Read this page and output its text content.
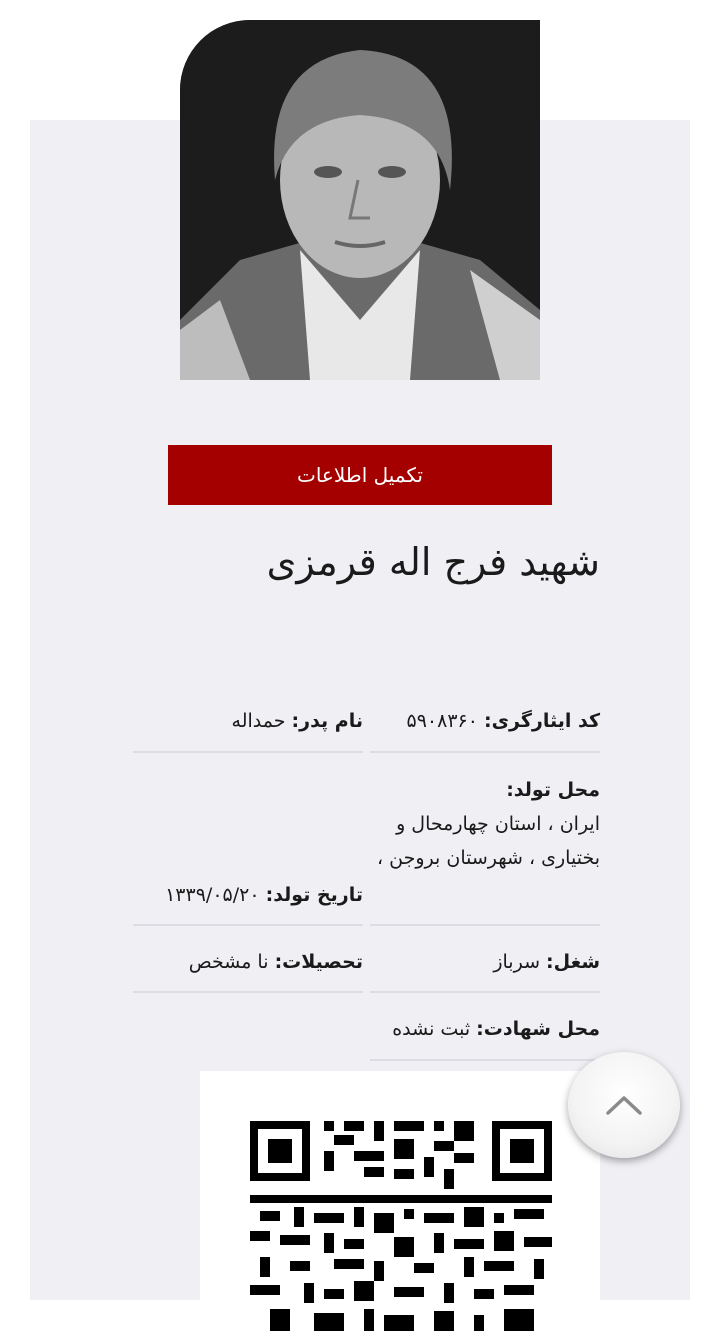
تکمیل اطلاعات
شهید فرج اله قرمزی
کد ایثارگری: ۵۹۰۸۳۶۰
نام پدر: حمداله
محل تولد:
ایران ، استان چهارمحال و بختیاری ، شهرستان بروجن ،
تاریخ تولد: ۱۳۳۹/۰۵/۲۰
شغل: سرباز
تحصیلات: نا مشخص
محل شهادت: ثبت نشده
